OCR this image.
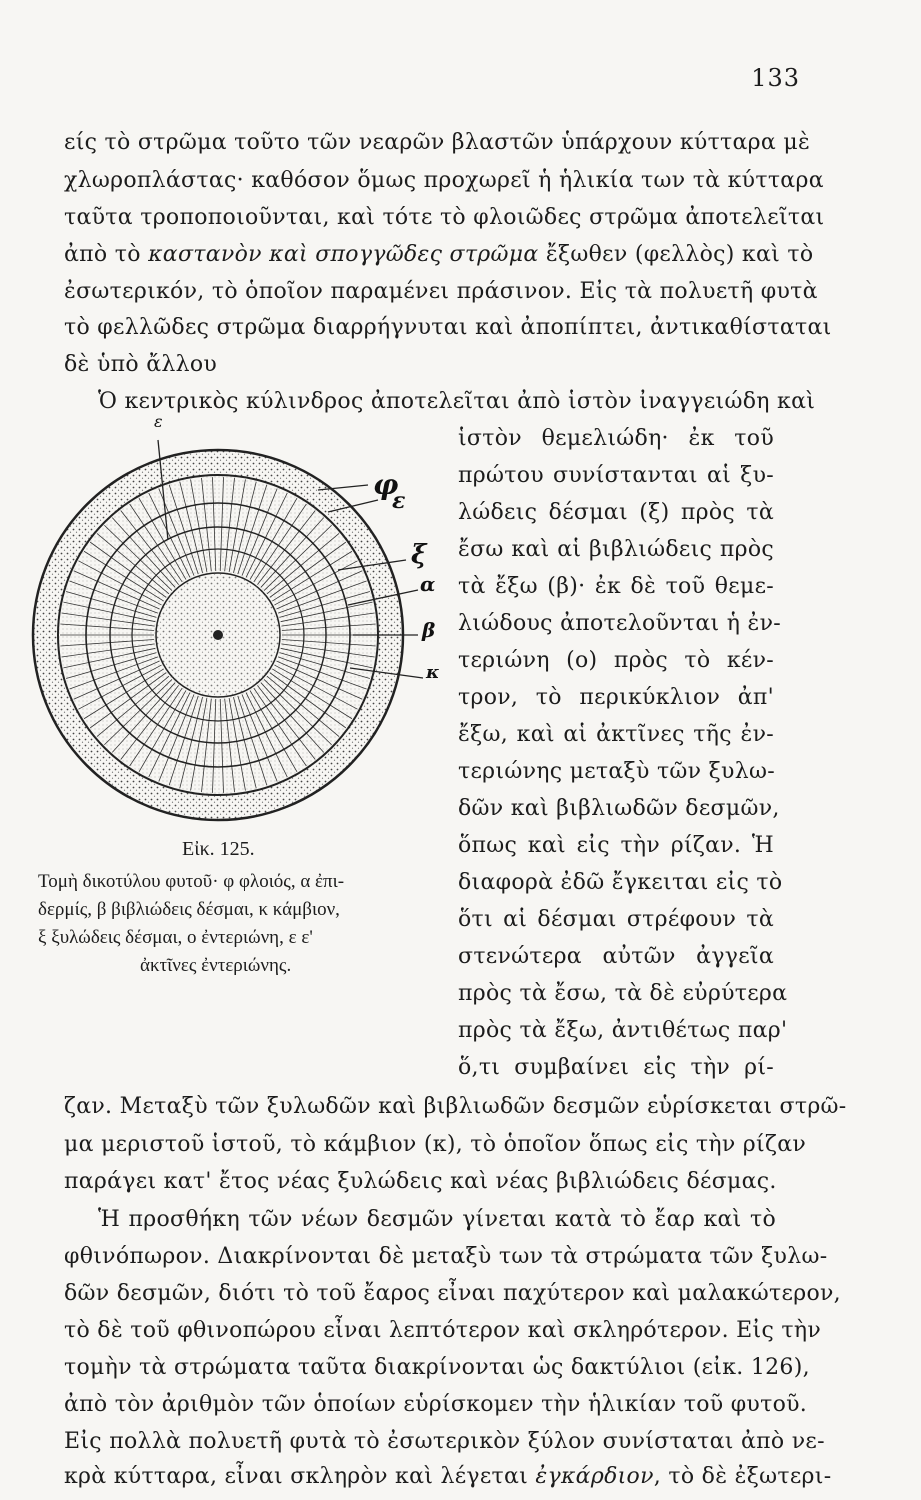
133
είς τὸ στρῶμα τοῦτο τῶν νεαρῶν βλαστῶν ὑπάρχουν κύτταρα μὲ
χλωροπλάστας· καθόσον ὅμως προχωρεῖ ἡ ἡλικία των τὰ κύτταρα
ταῦτα τροποποιοῦνται, καὶ τότε τὸ φλοιῶδες στρῶμα ἀποτελεῖται
ἀπὸ τὸ καστανὸν καὶ σπογγῶδες στρῶμα ἔξωθεν (φελλὸς) καὶ τὸ
ἐσωτερικόν, τὸ ὁποῖον παραμένει πράσινον. Εἰς τὰ πολυετῆ φυτὰ
τὸ φελλῶδες στρῶμα διαρρήγνυται καὶ ἀποπίπτει, ἀντικαθίσταται
δὲ ὑπὸ ἄλλου
Ὁ κεντρικὸς κύλινδρος ἀποτελεῖται ἀπὸ ἱστὸν ἰναγγειώδη καὶ
ἱστὸν θεμελιώδη· ἐκ τοῦ
πρώτου συνίστανται αἱ ξυ-
λώδεις δέσμαι (ξ) πρὸς τὰ
ἔσω καὶ αἱ βιβλιώδεις πρὸς
τὰ ἔξω (β)· ἐκ δὲ τοῦ θεμε-
λιώδους ἀποτελοῦνται ἡ ἐν-
τεριώνη (ο) πρὸς τὸ κέν-
τρον, τὸ περικύκλιον ἀπ'
ἔξω, καὶ αἱ ἀκτῖνες τῆς ἐν-
τεριώνης μεταξὺ τῶν ξυλω-
δῶν καὶ βιβλιωδῶν δεσμῶν,
ὅπως καὶ εἰς τὴν ρίζαν. Ἡ
διαφορὰ ἐδῶ ἔγκειται εἰς τὸ
ὅτι αἱ δέσμαι στρέφουν τὰ
στενώτερα αὐτῶν ἀγγεῖα
πρὸς τὰ ἔσω, τὰ δὲ εὐρύτερα
πρὸς τὰ ἔξω, ἀντιθέτως παρ'
ὅ,τι συμβαίνει εἰς τὴν ρί-
ε
φ
ε
ξ
α
β
κ
Εἰκ. 125.
Τομὴ δικοτύλου φυτοῦ· φ φλοιός, α ἐπι-
δερμίς, β βιβλιώδεις δέσμαι, κ κάμβιον,
ξ ξυλώδεις δέσμαι, ο ἐντεριώνη, ε ε'
ἀκτῖνες ἐντεριώνης.
ζαν. Μεταξὺ τῶν ξυλωδῶν καὶ βιβλιωδῶν δεσμῶν εὑρίσκεται στρῶ-
μα μεριστοῦ ἱστοῦ, τὸ κάμβιον (κ), τὸ ὁποῖον ὅπως εἰς τὴν ρίζαν
παράγει κατ' ἔτος νέας ξυλώδεις καὶ νέας βιβλιώδεις δέσμας.
Ἡ προσθήκη τῶν νέων δεσμῶν γίνεται κατὰ τὸ ἔαρ καὶ τὸ
φθινόπωρον. Διακρίνονται δὲ μεταξὺ των τὰ στρώματα τῶν ξυλω-
δῶν δεσμῶν, διότι τὸ τοῦ ἔαρος εἶναι παχύτερον καὶ μαλακώτερον,
τὸ δὲ τοῦ φθινοπώρου εἶναι λεπτότερον καὶ σκληρότερον. Εἰς τὴν
τομὴν τὰ στρώματα ταῦτα διακρίνονται ὡς δακτύλιοι (εἰκ. 126),
ἀπὸ τὸν ἀριθμὸν τῶν ὁποίων εὑρίσκομεν τὴν ἡλικίαν τοῦ φυτοῦ.
Εἰς πολλὰ πολυετῆ φυτὰ τὸ ἐσωτερικὸν ξύλον συνίσταται ἀπὸ νε-
κρὰ κύτταρα, εἶναι σκληρὸν καὶ λέγεται ἐγκάρδιον, τὸ δὲ ἐξωτερι-
